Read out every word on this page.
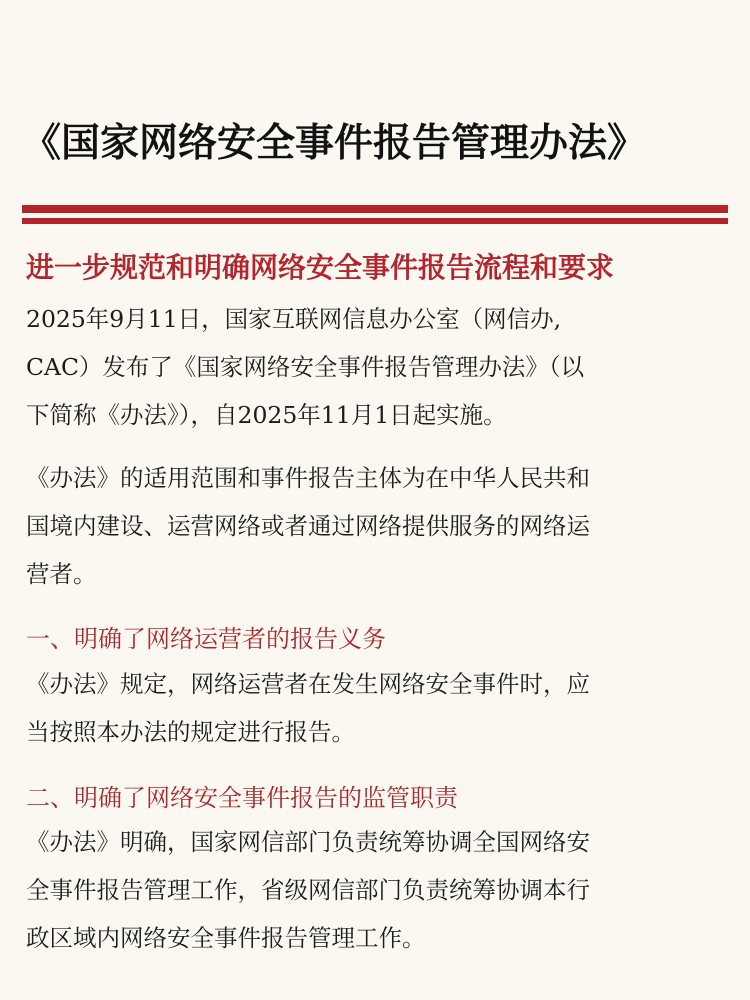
《国家网络安全事件报告管理办法》
进一步规范和明确网络安全事件报告流程和要求
2025年9月11日，国家互联网信息办公室（网信办,
CAC）发布了《国家网络安全事件报告管理办法》（以
下简称《办法》），自2025年11月1日起实施。
《办法》的适用范围和事件报告主体为在中华人民共和
国境内建设、运营网络或者通过网络提供服务的网络运
营者。
一、明确了网络运营者的报告义务
《办法》规定，网络运营者在发生网络安全事件时，应
当按照本办法的规定进行报告。
二、明确了网络安全事件报告的监管职责
《办法》明确，国家网信部门负责统筹协调全国网络安
全事件报告管理工作，省级网信部门负责统筹协调本行
政区域内网络安全事件报告管理工作。
